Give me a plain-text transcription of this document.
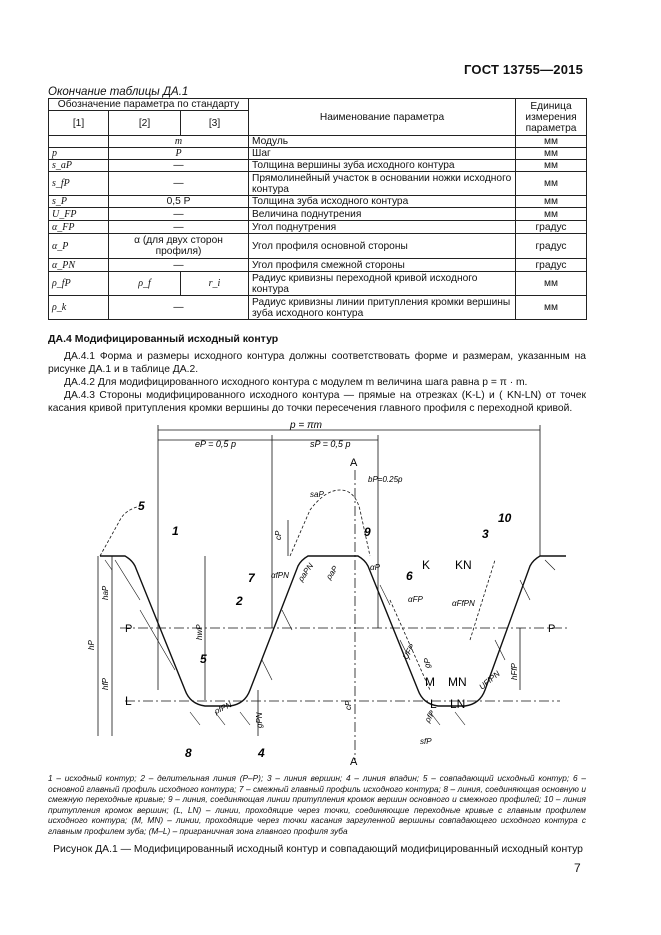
ГОСТ 13755—2015
Окончание таблицы ДА.1
Обозначение параметра по стандарту			Наименование параметра	Единица измерения параметра
[1]	[2]	[3]		
	m		Модуль	мм
p	P		Шаг	мм
s_aP	—		Толщина вершины зуба исходного контура	мм
s_fP	—		Прямолинейный участок в основании ножки исходного контура	мм
s_P	0,5 P		Толщина зуба исходного контура	мм
U_FP	—		Величина поднутрения	мм
α_FP	—		Угол поднутрения	градус
α_P	α (для двух сторон профиля)		Угол профиля основной стороны	градус
α_PN	—		Угол профиля смежной стороны	градус
ρ_fP	ρ_f	r_i	Радиус кривизны переходной кривой исходного контура	мм
ρ_k	—		Радиус кривизны линии притупления кромки вершины зуба исходного контура	мм
ДА.4 Модифицированный исходный контур
ДА.4.1 Форма и размеры исходного контура должны соответствовать форме и размерам, указанным на рисунке ДА.1 и в таблице ДА.2.
ДА.4.2 Для модифицированного исходного контура с модулем m величина шага равна p = π · m.
ДА.4.3 Стороны модифицированного исходного контура — прямые на отрезках (K-L) и ( KN-LN) от точек касания кривой притупления кромки вершины до точки пересечения главного профиля с переходной кривой.
p = πm
eP = 0,5 p	sP = 0,5 p
A
A
bP=0.25p
saP
cP
cP
haP
hwP
hfP
hP
gPN
gP	hFfP
P	P
K KN
L
M MN
L LN
sfP
αfPN
αP
αFP	αFfPN
ρaPN ρaP
ρfPN
ρfP
UFP
UFfPN
1
2
3
4
5
5
6
7
8
9
10
1 – исходный контур; 2 – делительная линия (P–P); 3 – линия вершин; 4 – линия впадин; 5 – совпадающий исходный контур; 6 – основной главный профиль исходного контура; 7 – смежный главный профиль исходного контура; 8 – линия, соединяющая основную и смежную переходные кривые; 9 – линия, соединяющая линии притупления кромок вершин основного и смежного профилей; 10 – линия притупления кромок вершин; (L, LN) – линии, проходящие через точки, соединяющие переходные кривые с главным профилем исходного контура; (M, MN) – линии, проходящие через точки касания заргуленной вершины совпадающего исходного контура с главным профилем зуба; (M–L) – приграничная зона главного профиля зуба
Рисунок ДА.1 — Модифицированный исходный контур и совпадающий модифицированный исходный контур
7
